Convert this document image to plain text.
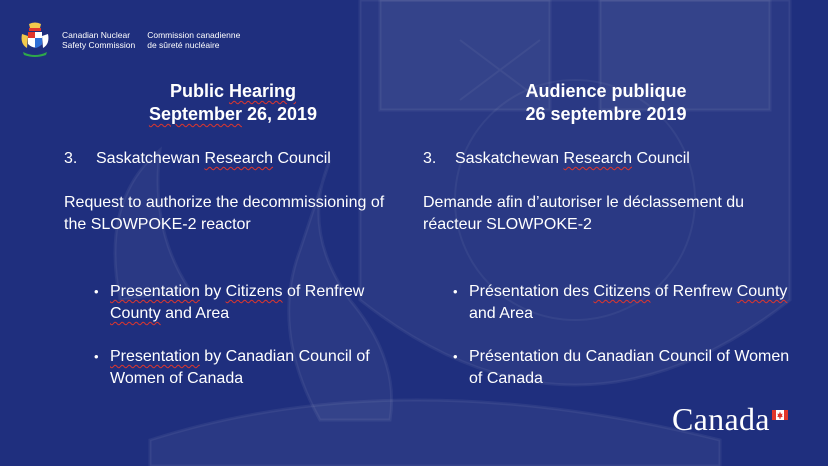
Canadian Nuclear
Safety Commission
Commission canadienne
de sûreté nucléaire
Public Hearing
September 26, 2019
Audience publique
26 septembre 2019
3.	Saskatchewan Research Council
Request to authorize the decommissioning of the SLOWPOKE-2 reactor
• Presentation by Citizens of Renfrew County and Area
• Presentation by Canadian Council of Women of Canada
3.	Saskatchewan Research Council
Demande afin d’autoriser le déclassement du réacteur SLOWPOKE-2
• Présentation des Citizens of Renfrew County and Area
• Présentation du Canadian Council of Women of Canada
Canada
